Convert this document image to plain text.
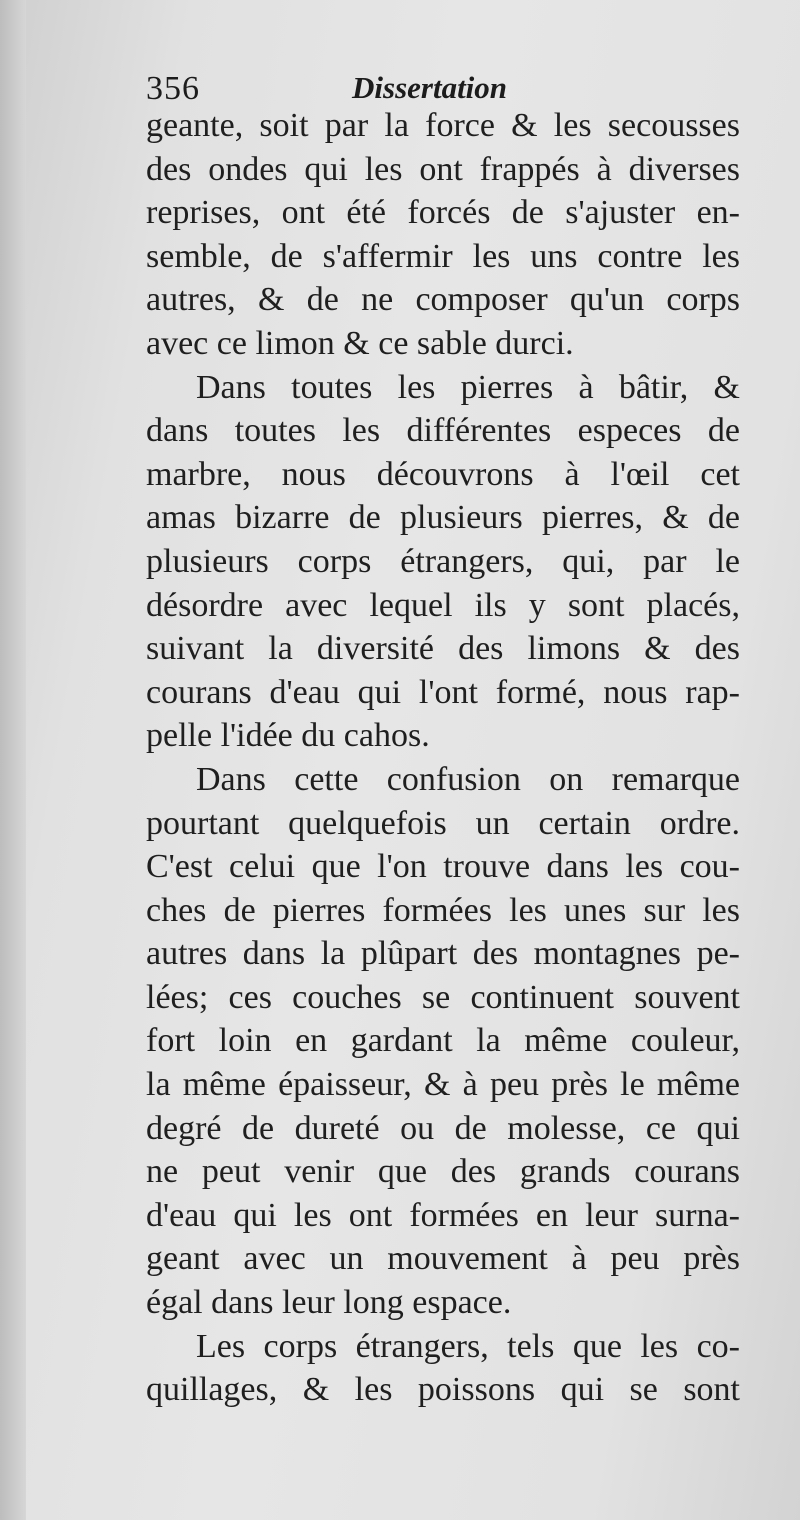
356	Dissertation
geante, soit par la force & les secousses
des ondes qui les ont frappés à diverses
reprises, ont été forcés de s'ajuster en-
semble, de s'affermir les uns contre les
autres, & de ne composer qu'un corps
avec ce limon & ce sable durci.
Dans toutes les pierres à bâtir, &
dans toutes les différentes especes de
marbre, nous découvrons à l'œil cet
amas bizarre de plusieurs pierres, & de
plusieurs corps étrangers, qui, par le
désordre avec lequel ils y sont placés,
suivant la diversité des limons & des
courans d'eau qui l'ont formé, nous rap-
pelle l'idée du cahos.
Dans cette confusion on remarque
pourtant quelquefois un certain ordre.
C'est celui que l'on trouve dans les cou-
ches de pierres formées les unes sur les
autres dans la plûpart des montagnes pe-
lées; ces couches se continuent souvent
fort loin en gardant la même couleur,
la même épaisseur, & à peu près le même
degré de dureté ou de molesse, ce qui
ne peut venir que des grands courans
d'eau qui les ont formées en leur surna-
geant avec un mouvement à peu près
égal dans leur long espace.
Les corps étrangers, tels que les co-
quillages, & les poissons qui se sont
